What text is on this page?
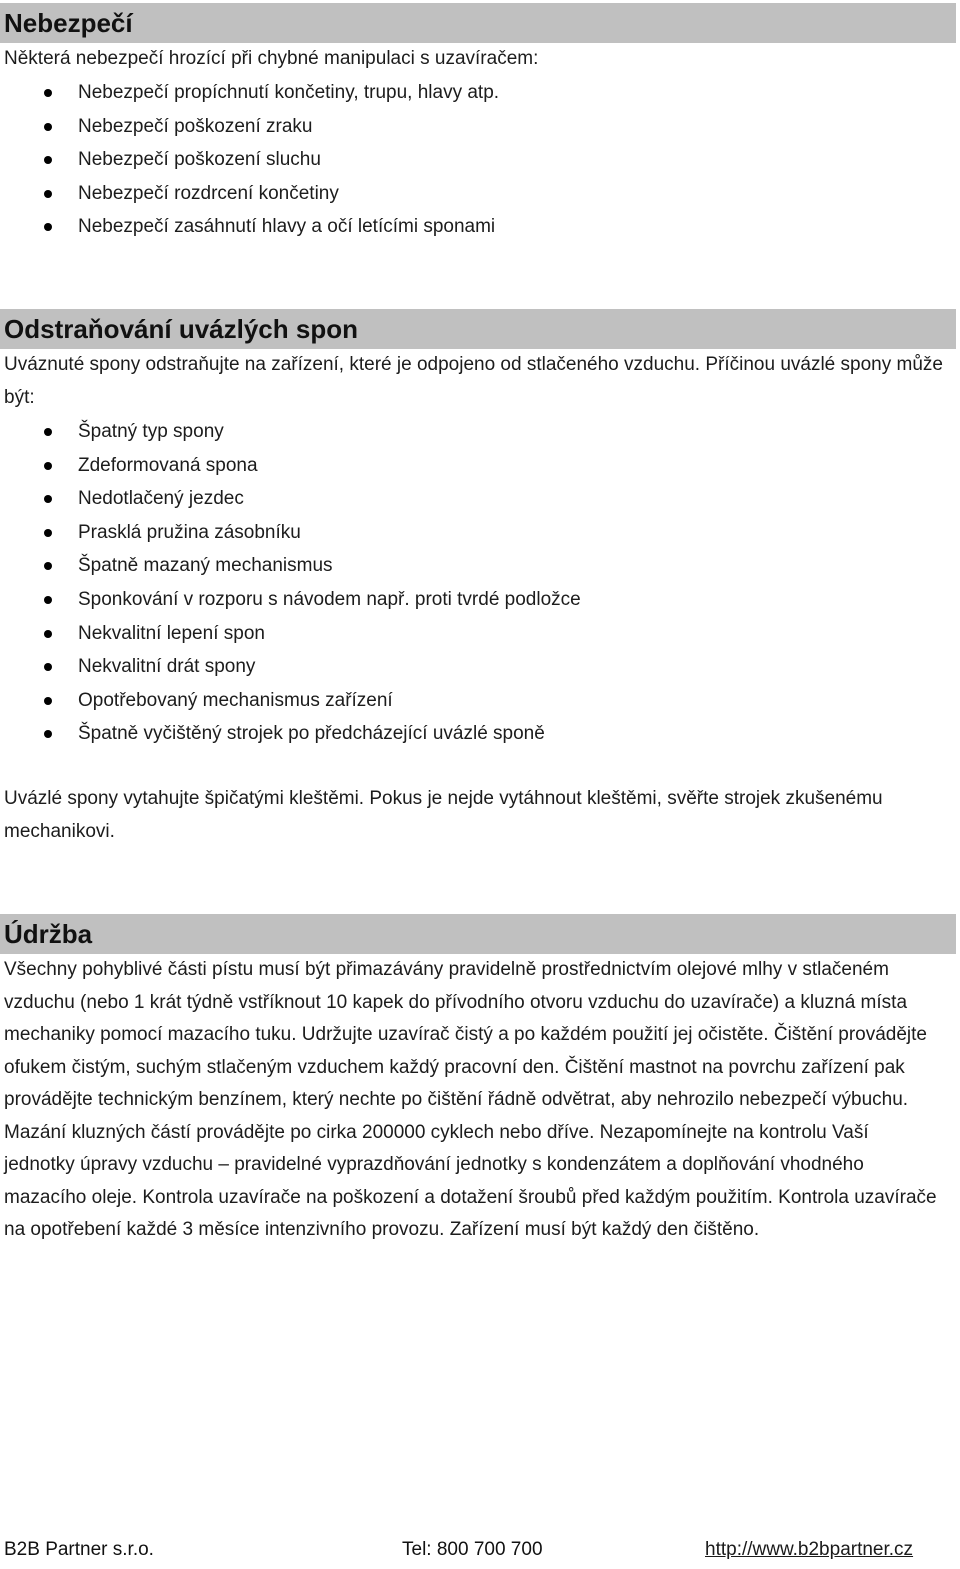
Nebezpečí
Některá nebezpečí hrozící při chybné manipulaci s uzavíračem:
Nebezpečí propíchnutí končetiny, trupu, hlavy atp.
Nebezpečí poškození zraku
Nebezpečí poškození sluchu
Nebezpečí rozdrcení končetiny
Nebezpečí zasáhnutí hlavy a očí letícími sponami
Odstraňování uvázlých spon
Uváznuté spony odstraňujte na zařízení, které je odpojeno od stlačeného vzduchu. Příčinou uvázlé spony může být:
Špatný typ spony
Zdeformovaná spona
Nedotlačený jezdec
Prasklá pružina zásobníku
Špatně mazaný mechanismus
Sponkování v rozporu s návodem např. proti tvrdé podložce
Nekvalitní lepení spon
Nekvalitní drát spony
Opotřebovaný mechanismus zařízení
Špatně vyčištěný strojek po předcházející uvázlé sponě
Uvázlé spony vytahujte špičatými kleštěmi. Pokus je nejde vytáhnout kleštěmi, svěřte strojek zkušenému mechanikovi.
Údržba
Všechny pohyblivé části pístu musí být přimazávány pravidelně prostřednictvím olejové mlhy v stlačeném vzduchu (nebo 1 krát týdně vstříknout 10 kapek do přívodního otvoru vzduchu do uzavírače) a kluzná místa mechaniky pomocí mazacího tuku. Udržujte uzavírač čistý a po každém použití jej očistěte. Čištění provádějte ofukem čistým, suchým stlačeným vzduchem každý pracovní den. Čištění mastnot na povrchu zařízení pak provádějte technickým benzínem, který nechte po čištění řádně odvětrat, aby nehrozilo nebezpečí výbuchu. Mazání kluzných částí provádějte po cirka 200000 cyklech nebo dříve. Nezapomínejte na kontrolu Vaší jednotky úpravy vzduchu – pravidelné vyprazdňování jednotky s kondenzátem a doplňování vhodného mazacího oleje. Kontrola uzavírače na poškození a dotažení šroubů před každým použitím. Kontrola uzavírače na opotřebení každé 3 měsíce intenzivního provozu. Zařízení musí být každý den čištěno.
B2B Partner s.r.o.	Tel: 800 700 700	http://www.b2bpartner.cz
